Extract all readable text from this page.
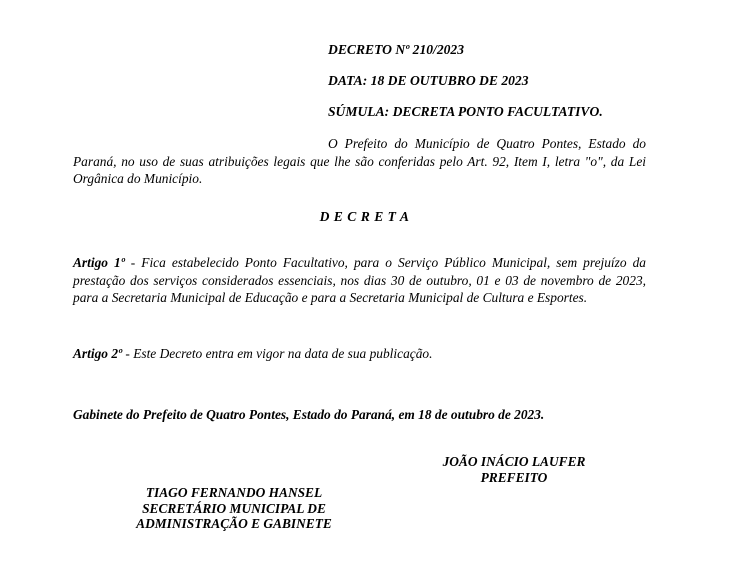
DECRETO Nº 210/2023
DATA: 18 DE OUTUBRO DE 2023
SÚMULA: DECRETA PONTO FACULTATIVO.
O Prefeito do Município de Quatro Pontes, Estado do Paraná, no uso de suas atribuições legais que lhe são conferidas pelo Art. 92, Item I, letra "o", da Lei Orgânica do Município.
D E C R E T A
Artigo 1º - Fica estabelecido Ponto Facultativo, para o Serviço Público Municipal, sem prejuízo da prestação dos serviços considerados essenciais, nos dias 30 de outubro, 01 e 03 de novembro de 2023, para a Secretaria Municipal de Educação e para a Secretaria Municipal de Cultura e Esportes.
Artigo 2º - Este Decreto entra em vigor na data de sua publicação.
Gabinete do Prefeito de Quatro Pontes, Estado do Paraná, em 18 de outubro de 2023.
JOÃO INÁCIO LAUFER
PREFEITO
TIAGO FERNANDO HANSEL
SECRETÁRIO MUNICIPAL DE
ADMINISTRAÇÃO E GABINETE
